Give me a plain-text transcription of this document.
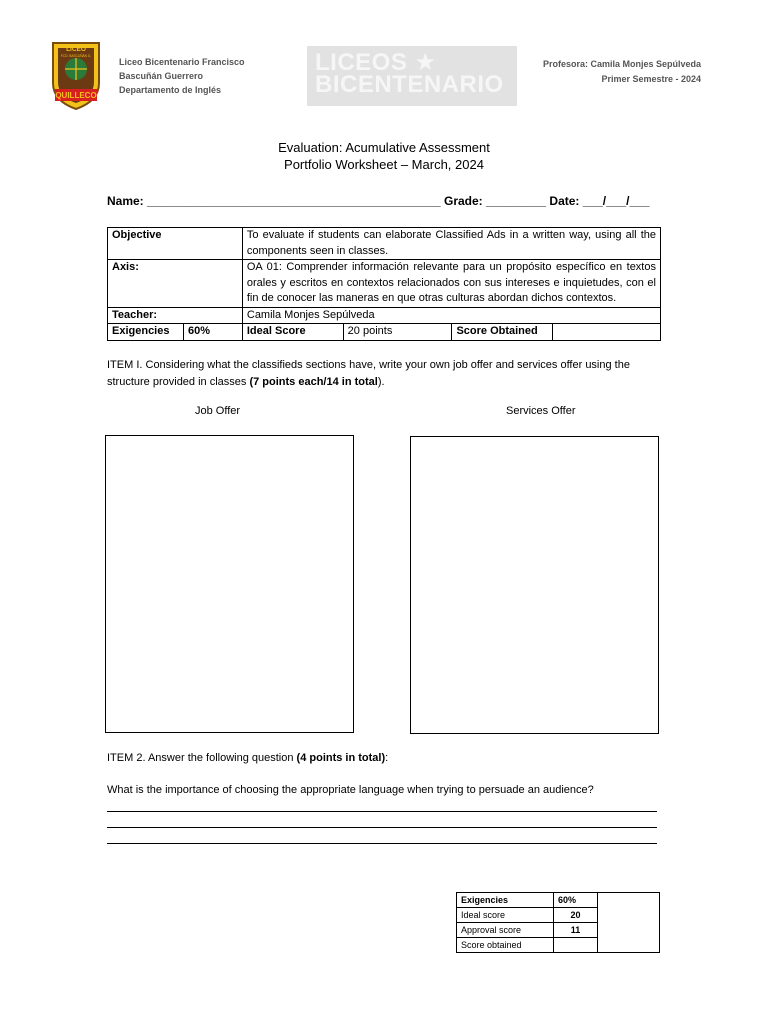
LICEO
FCO. BASCUÑÁN G.
QUILLECO
Liceo Bicentenario Francisco
Bascuñán Guerrero
Departamento de Inglés
LICEOS ★
BICENTENARIO
Profesora: Camila Monjes Sepúlveda
Primer Semestre - 2024
Evaluation: Acumulative Assessment
Portfolio Worksheet – March, 2024
Name: ____________________________________________ Grade: _________ Date: ___/___/___
Objective		To evaluate if students can elaborate Classified Ads in a written way, using all the components seen in classes.			
Axis:		OA 01: Comprender información relevante para un propósito específico en textos orales y escritos en contextos relacionados con sus intereses e inquietudes, con el fin de conocer las maneras en que otras culturas abordan dichos contextos.			
Teacher:		Camila Monjes Sepúlveda			
Exigencies	60%	Ideal Score	20 points	Score Obtained	
ITEM I. Considering what the classifieds sections have, write your own job offer and services offer using the structure provided in classes (7 points each/14 in total).
Job Offer	Services Offer
ITEM 2. Answer the following question (4 points in total):
What is the importance of choosing the appropriate language when trying to persuade an audience?
Exigencies	60%	
Ideal score	20	
Approval score	11	
Score obtained		
